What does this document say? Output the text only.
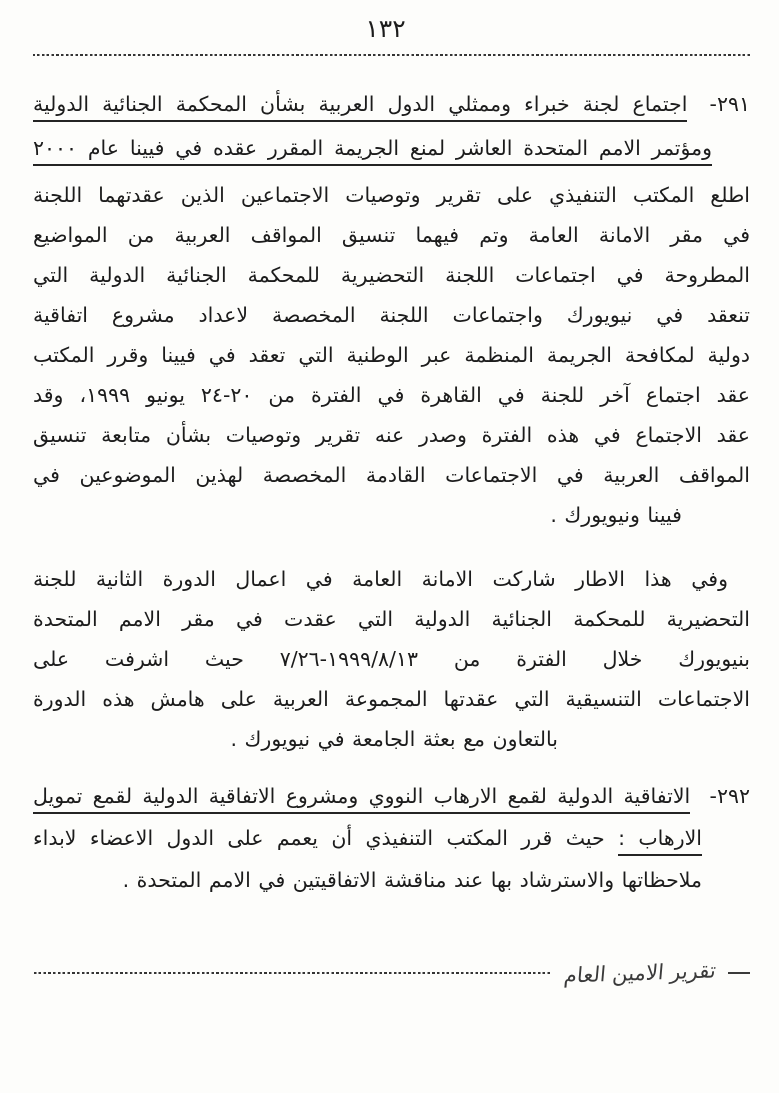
١٣٢
٢٩١- اجتماع لجنة خبراء وممثلي الدول العربية بشأن المحكمة الجنائية الدولية
ومؤتمر الامم المتحدة العاشر لمنع الجريمة المقرر عقده في فيينا عام ٢٠٠٠
اطلع المكتب التنفيذي على تقرير وتوصيات الاجتماعين الذين عقدتهما اللجنة
في مقر الامانة العامة وتم فيهما تنسيق المواقف العربية من المواضيع
المطروحة في اجتماعات اللجنة التحضيرية للمحكمة الجنائية الدولية التي
تنعقد في نيويورك واجتماعات اللجنة المخصصة لاعداد مشروع اتفاقية
دولية لمكافحة الجريمة المنظمة عبر الوطنية التي تعقد في فيينا وقرر المكتب
عقد اجتماع آخر للجنة في القاهرة في الفترة من ٢٠-٢٤ يونيو ١٩٩٩، وقد
عقد الاجتماع في هذه الفترة وصدر عنه تقرير وتوصيات بشأن متابعة تنسيق
المواقف العربية في الاجتماعات القادمة المخصصة لهذين الموضوعين في
فيينا ونيويورك .
وفي هذا الاطار شاركت الامانة العامة في اعمال الدورة الثانية للجنة
التحضيرية للمحكمة الجنائية الدولية التي عقدت في مقر الامم المتحدة
بنيويورك خلال الفترة من ١٩٩٩/٨/١٣-٧/٢٦ حيث اشرفت على
الاجتماعات التنسيقية التي عقدتها المجموعة العربية على هامش هذه الدورة
بالتعاون مع بعثة الجامعة في نيويورك .
٢٩٢- الاتفاقية الدولية لقمع الارهاب النووي ومشروع الاتفاقية الدولية لقمع تمويل
الارهاب : حيث قرر المكتب التنفيذي أن يعمم على الدول الاعضاء لابداء
ملاحظاتها والاسترشاد بها عند مناقشة الاتفاقيتين في الامم المتحدة .
تقرير الامين العام
